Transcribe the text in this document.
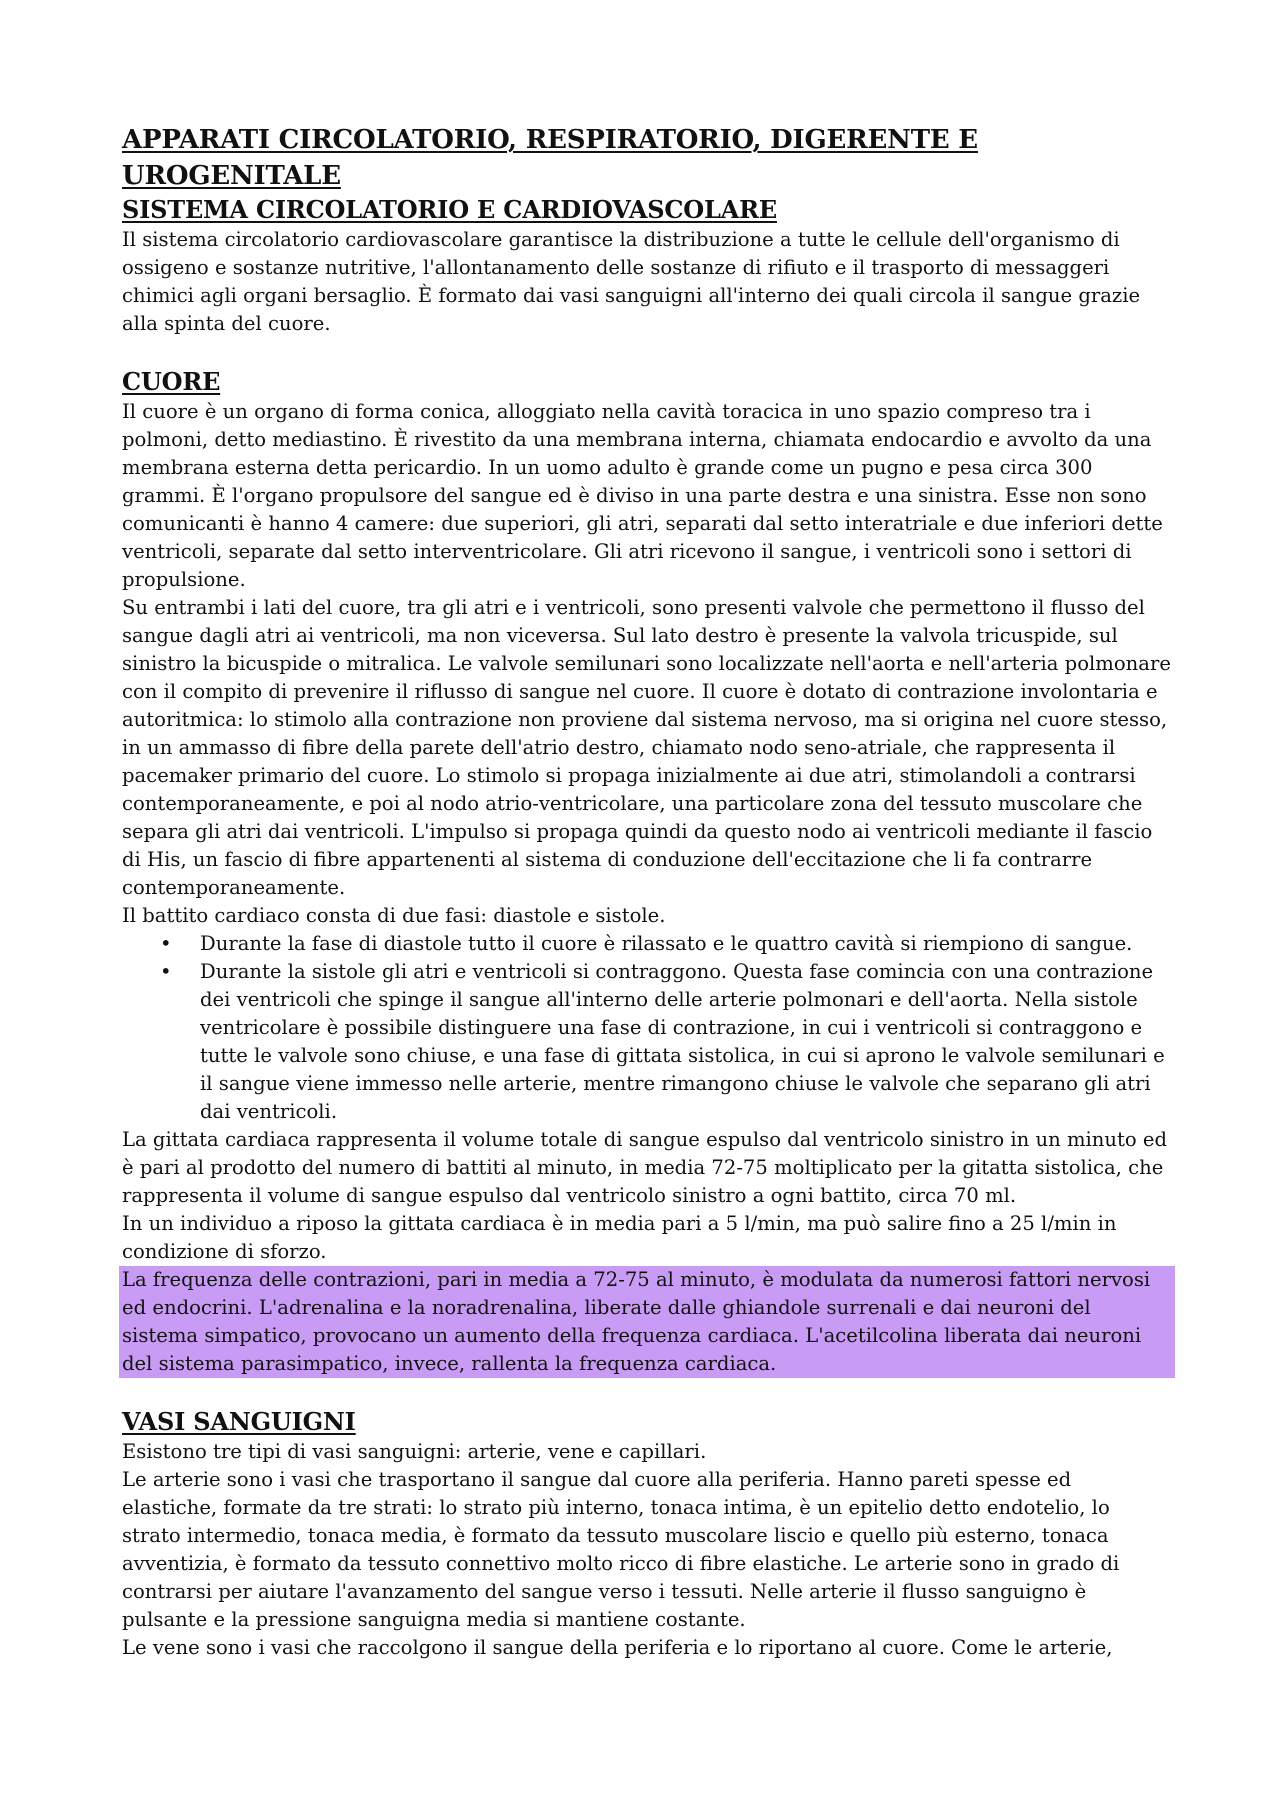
APPARATI CIRCOLATORIO, RESPIRATORIO, DIGERENTE E UROGENITALE
SISTEMA CIRCOLATORIO E CARDIOVASCOLARE

Il sistema circolatorio cardiovascolare garantisce la distribuzione a tutte le cellule dell'organismo di ossigeno e sostanze nutritive, l'allontanamento delle sostanze di rifiuto e il trasporto di messaggeri chimici agli organi bersaglio. È formato dai vasi sanguigni all'interno dei quali circola il sangue grazie alla spinta del cuore.

CUORE

Il cuore è un organo di forma conica, alloggiato nella cavità toracica in uno spazio compreso tra i polmoni, detto mediastino. È rivestito da una membrana interna, chiamata endocardio e avvolto da una membrana esterna detta pericardio. In un uomo adulto è grande come un pugno e pesa circa 300 grammi. È l'organo propulsore del sangue ed è diviso in una parte destra e una sinistra. Esse non sono comunicanti è hanno 4 camere: due superiori, gli atri, separati dal setto interatriale e due inferiori dette ventricoli, separate dal setto interventricolare. Gli atri ricevono il sangue, i ventricoli sono i settori di propulsione.

Su entrambi i lati del cuore, tra gli atri e i ventricoli, sono presenti valvole che permettono il flusso del sangue dagli atri ai ventricoli, ma non viceversa. Sul lato destro è presente la valvola tricuspide, sul sinistro la bicuspide o mitralica. Le valvole semilunari sono localizzate nell'aorta e nell'arteria polmonare con il compito di prevenire il riflusso di sangue nel cuore. Il cuore è dotato di contrazione involontaria e autoritmica: lo stimolo alla contrazione non proviene dal sistema nervoso, ma si origina nel cuore stesso, in un ammasso di fibre della parete dell'atrio destro, chiamato nodo seno-atriale, che rappresenta il pacemaker primario del cuore. Lo stimolo si propaga inizialmente ai due atri, stimolandoli a contrarsi contemporaneamente, e poi al nodo atrio-ventricolare, una particolare zona del tessuto muscolare che separa gli atri dai ventricoli. L'impulso si propaga quindi da questo nodo ai ventricoli mediante il fascio di His, un fascio di fibre appartenenti al sistema di conduzione dell'eccitazione che li fa contrarre contemporaneamente.

Il battito cardiaco consta di due fasi: diastole e sistole.

• Durante la fase di diastole tutto il cuore è rilassato e le quattro cavità si riempiono di sangue.
• Durante la sistole gli atri e ventricoli si contraggono. Questa fase comincia con una contrazione dei ventricoli che spinge il sangue all'interno delle arterie polmonari e dell'aorta. Nella sistole ventricolare è possibile distinguere una fase di contrazione, in cui i ventricoli si contraggono e tutte le valvole sono chiuse, e una fase di gittata sistolica, in cui si aprono le valvole semilunari e il sangue viene immesso nelle arterie, mentre rimangono chiuse le valvole che separano gli atri dai ventricoli.

La gittata cardiaca rappresenta il volume totale di sangue espulso dal ventricolo sinistro in un minuto ed è pari al prodotto del numero di battiti al minuto, in media 72-75 moltiplicato per la gitatta sistolica, che rappresenta il volume di sangue espulso dal ventricolo sinistro a ogni battito, circa 70 ml.

In un individuo a riposo la gittata cardiaca è in media pari a 5 l/min, ma può salire fino a 25 l/min in condizione di sforzo.

La frequenza delle contrazioni, pari in media a 72-75 al minuto, è modulata da numerosi fattori nervosi ed endocrini. L'adrenalina e la noradrenalina, liberate dalle ghiandole surrenali e dai neuroni del sistema simpatico, provocano un aumento della frequenza cardiaca. L'acetilcolina liberata dai neuroni del sistema parasimpatico, invece, rallenta la frequenza cardiaca.

VASI SANGUIGNI

Esistono tre tipi di vasi sanguigni: arterie, vene e capillari.

Le arterie sono i vasi che trasportano il sangue dal cuore alla periferia. Hanno pareti spesse ed elastiche, formate da tre strati: lo strato più interno, tonaca intima, è un epitelio detto endotelio, lo strato intermedio, tonaca media, è formato da tessuto muscolare liscio e quello più esterno, tonaca avventizia, è formato da tessuto connettivo molto ricco di fibre elastiche. Le arterie sono in grado di contrarsi per aiutare l'avanzamento del sangue verso i tessuti. Nelle arterie il flusso sanguigno è pulsante e la pressione sanguigna media si mantiene costante.

Le vene sono i vasi che raccolgono il sangue della periferia e lo riportano al cuore. Come le arterie,
